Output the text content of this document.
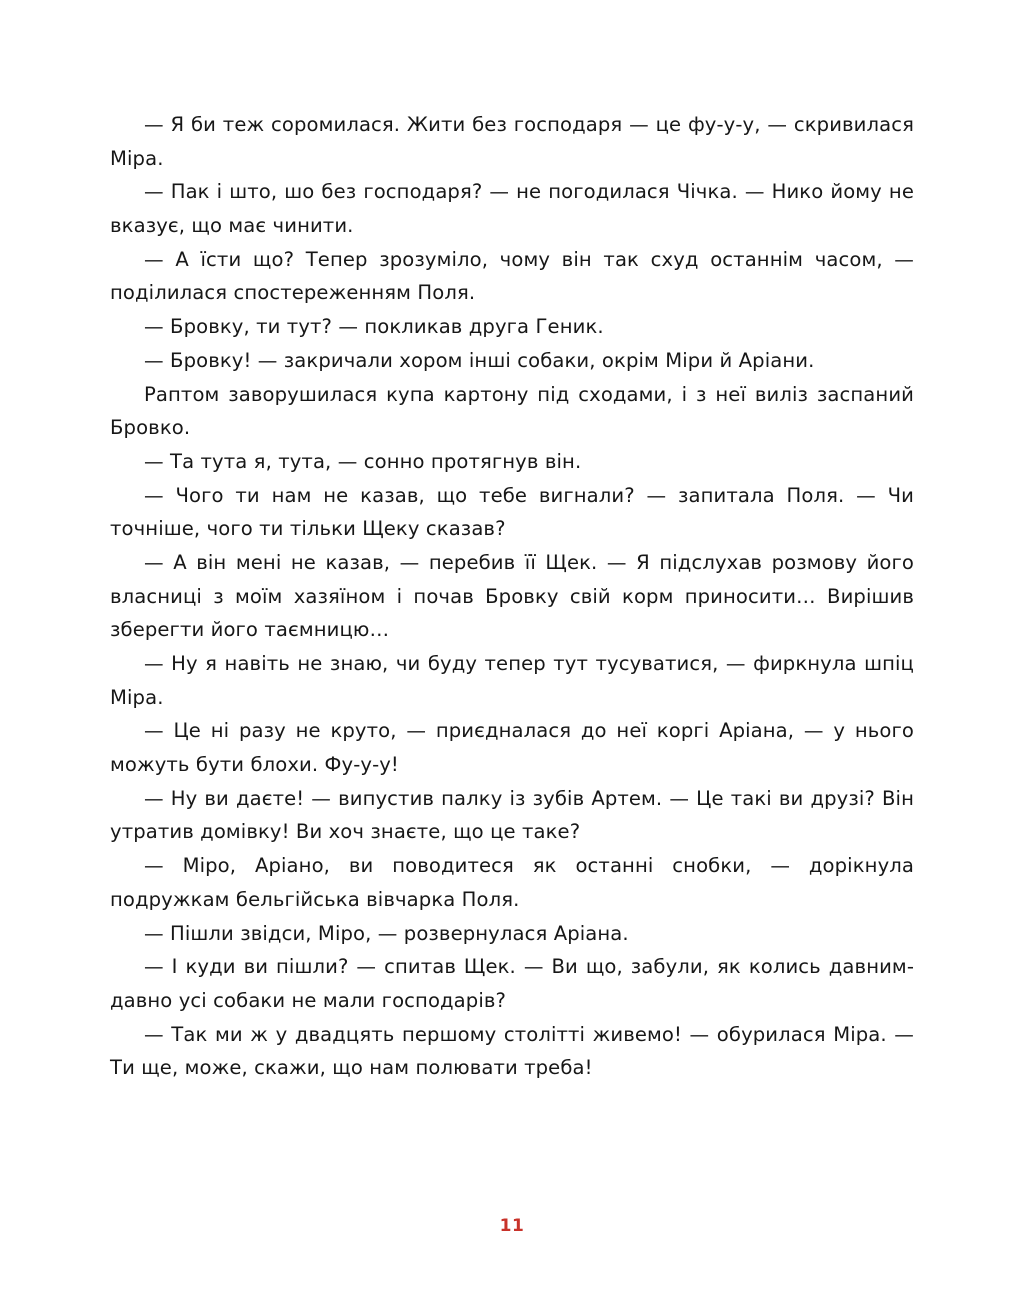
— Я би теж соромилася. Жити без господаря — це фу-у-у, — скривилася Міра.

— Пак і што, шо без господаря? — не погодилася Чічка. — Нико йому не вказує, що має чинити.

— А їсти що? Тепер зрозуміло, чому він так схуд останнім часом, — поділилася спостереженням Поля.

— Бровку, ти тут? — покликав друга Геник.

— Бровку! — закричали хором інші собаки, окрім Міри й Аріани.

Раптом заворушилася купа картону під сходами, і з неї виліз заспаний Бровко.

— Та тута я, тута, — сонно протягнув він.

— Чого ти нам не казав, що тебе вигнали? — запитала Поля. — Чи точніше, чого ти тільки Щеку сказав?

— А він мені не казав, — перебив її Щек. — Я підслухав розмову його власниці з моїм хазяїном і почав Бровку свій корм приносити… Вирішив зберегти його таємницю…

— Ну я навіть не знаю, чи буду тепер тут тусуватися, — фиркнула шпіц Міра.

— Це ні разу не круто, — приєдналася до неї коргі Аріана, — у нього можуть бути блохи. Фу-у-у!

— Ну ви даєте! — випустив палку із зубів Артем. — Це такі ви друзі? Він утратив домівку! Ви хоч знаєте, що це таке?

— Міро, Аріано, ви поводитеся як останні снобки, — дорікнула подружкам бельгійська вівчарка Поля.

— Пішли звідси, Міро, — розвернулася Аріана.

— І куди ви пішли? — спитав Щек. — Ви що, забули, як колись давним-давно усі собаки не мали господарів?

— Так ми ж у двадцять першому столітті живемо! — обурилася Міра. — Ти ще, може, скажи, що нам полювати треба!

11
